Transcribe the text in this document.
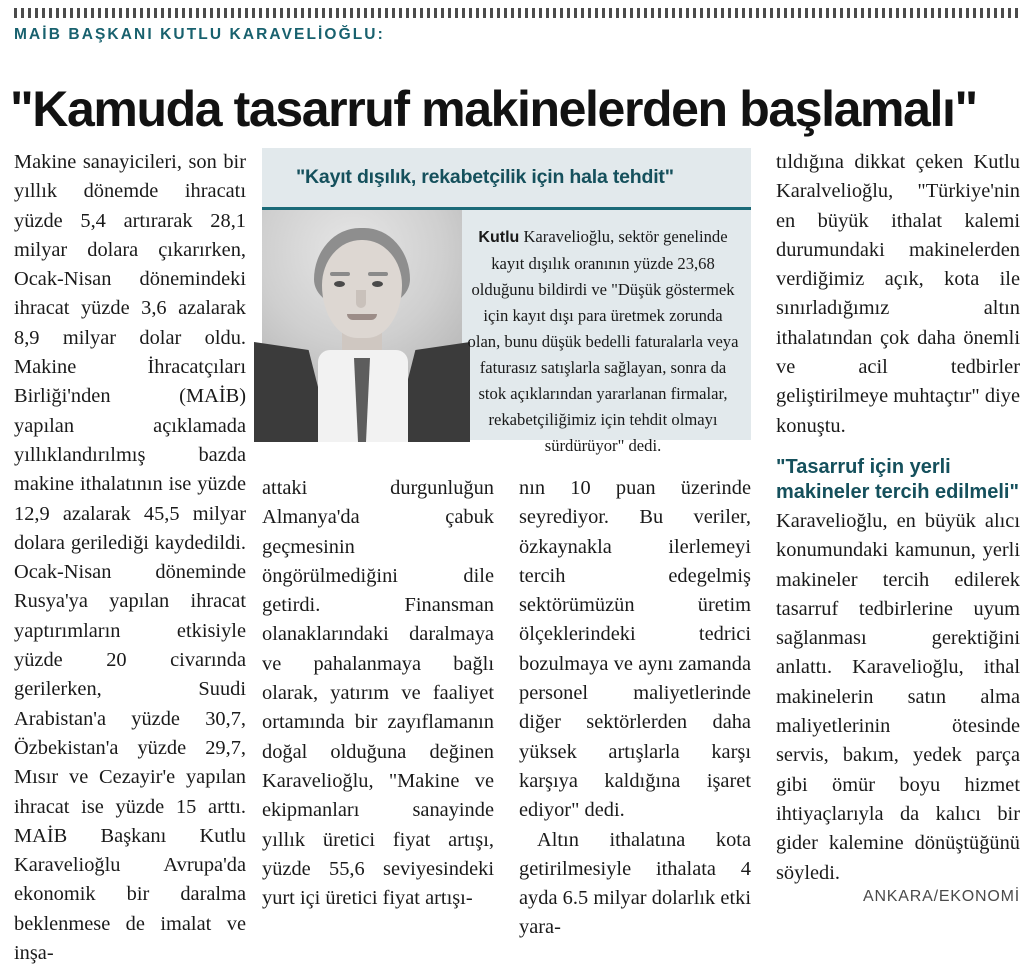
MAİB BAŞKANI KUTLU KARAVELİOĞLU:
"Kamuda tasarruf makinelerden başlamalı"

Makine sanayicileri, son bir yıllık dönemde ihracatı yüzde 5,4 artırarak 28,1 milyar dolara çıkarırken, Ocak-Nisan dönemindeki ihracat yüzde 3,6 azalarak 8,9 milyar dolar oldu. Makine İhracatçıları Birliği'nden (MAİB) yapılan açıklamada yıllıklandırılmış bazda makine ithalatının ise yüzde 12,9 azalarak 45,5 milyar dolara gerilediği kaydedildi. Ocak-Nisan döneminde Rusya'ya yapılan ihracat yaptırımların etkisiyle yüzde 20 civarında gerilerken, Suudi Arabistan'a yüzde 30,7, Özbekistan'a yüzde 29,7, Mısır ve Cezayir'e yapılan ihracat ise yüzde 15 arttı. MAİB Başkanı Kutlu Karavelioğlu Avrupa'da ekonomik bir daralma beklenmese de imalat ve inşa-

"Kayıt dışılık, rekabetçilik için hala tehdit"
Kutlu Karavelioğlu, sektör genelinde kayıt dışılık oranının yüzde 23,68 olduğunu bildirdi ve "Düşük göstermek için kayıt dışı para üretmek zorunda olan, bunu düşük bedelli faturalarla veya faturasız satışlarla sağlayan, sonra da stok açıklarından yararlanan firmalar, rekabetçiliğimiz için tehdit olmayı sürdürüyor" dedi.

attaki durgunluğun Almanya'da çabuk geçmesinin öngörülmediğini dile getirdi. Finansman olanaklarındaki daralmaya ve pahalanmaya bağlı olarak, yatırım ve faaliyet ortamında bir zayıflamanın doğal olduğuna değinen Karavelioğlu, "Makine ve ekipmanları sanayinde yıllık üretici fiyat artışı, yüzde 55,6 seviyesindeki yurt içi üretici fiyat artışı-

nın 10 puan üzerinde seyrediyor. Bu veriler, özkaynakla ilerlemeyi tercih edegelmiş sektörümüzün üretim ölçeklerindeki tedrici bozulmaya ve aynı zamanda personel maliyetlerinde diğer sektörlerden daha yüksek artışlarla karşı karşıya kaldığına işaret ediyor" dedi.

Altın ithalatına kota getirilmesiyle ithalata 4 ayda 6.5 milyar dolarlık etki yara-

tıldığına dikkat çeken Kutlu Karalvelioğlu, "Türkiye'nin en büyük ithalat kalemi durumundaki makinelerden verdiğimiz açık, kota ile sınırladığımız altın ithalatından çok daha önemli ve acil tedbirler geliştirilmeye muhtaçtır" diye konuştu.

"Tasarruf için yerli makineler tercih edilmeli"

Karavelioğlu, en büyük alıcı konumundaki kamunun, yerli makineler tercih edilerek tasarruf tedbirlerine uyum sağlanması gerektiğini anlattı. Karavelioğlu, ithal makinelerin satın alma maliyetlerinin ötesinde servis, bakım, yedek parça gibi ömür boyu hizmet ihtiyaçlarıyla da kalıcı bir gider kalemine dönüştüğünü söyledi.

ANKARA/EKONOMİ
